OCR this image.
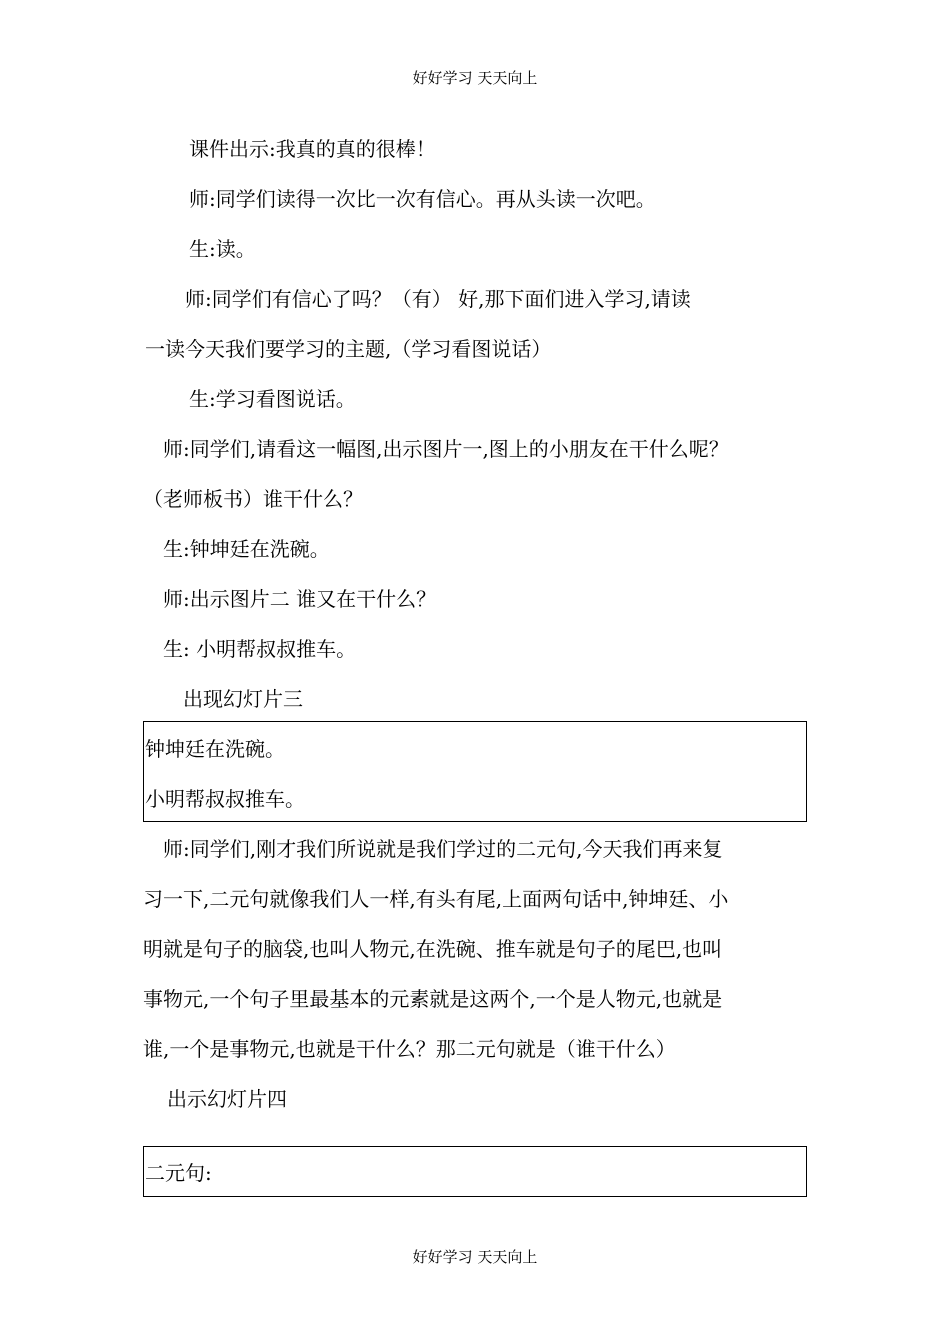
好好学习 天天向上
课件出示:我真的真的很棒！
师:同学们读得一次比一次有信心。再从头读一次吧。
生:读。
师:同学们有信心了吗？（有） 好,那下面们进入学习,请读
一读今天我们要学习的主题,（学习看图说话）
生:学习看图说话。
师:同学们,请看这一幅图,出示图片一,图上的小朋友在干什么呢？
（老师板书）谁干什么？
生:钟坤廷在洗碗。
师:出示图片二 谁又在干什么？
生: 小明帮叔叔推车。
出现幻灯片三
钟坤廷在洗碗。
小明帮叔叔推车。
师:同学们,刚才我们所说就是我们学过的二元句,今天我们再来复
习一下,二元句就像我们人一样,有头有尾,上面两句话中,钟坤廷、小
明就是句子的脑袋,也叫人物元,在洗碗、推车就是句子的尾巴,也叫
事物元,一个句子里最基本的元素就是这两个,一个是人物元,也就是
谁,一个是事物元,也就是干什么？那二元句就是（谁干什么）
出示幻灯片四
二元句:
好好学习 天天向上
